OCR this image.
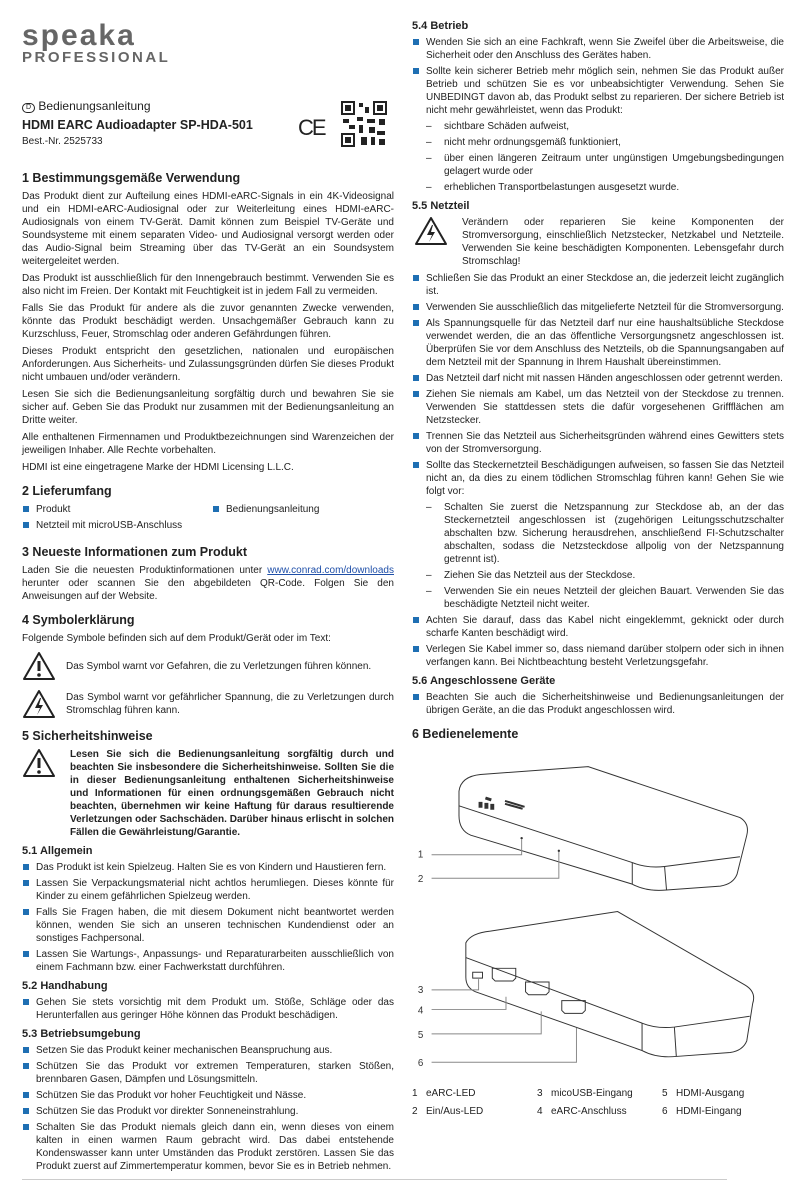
speaka
PROFESSIONAL
D Bedienungsanleitung
HDMI EARC Audioadapter SP-HDA-501
Best.-Nr. 2525733
CE
1 Bestimmungsgemäße Verwendung

Das Produkt dient zur Aufteilung eines HDMI-eARC-Signals in ein 4K-Videosignal und ein HDMI-eARC-Audiosignal oder zur Weiterleitung eines HDMI-eARC-Audiosignals von einem TV-Gerät. Damit können zum Beispiel TV-Geräte und Soundsysteme mit einem separaten Video- und Audiosignal versorgt werden oder das Audio-Signal beim Streaming über das TV-Gerät an ein Soundsystem weitergeleitet werden.

Das Produkt ist ausschließlich für den Innengebrauch bestimmt. Verwenden Sie es also nicht im Freien. Der Kontakt mit Feuchtigkeit ist in jedem Fall zu vermeiden.

Falls Sie das Produkt für andere als die zuvor genannten Zwecke verwenden, könnte das Produkt beschädigt werden. Unsachgemäßer Gebrauch kann zu Kurzschluss, Feuer, Stromschlag oder anderen Gefährdungen führen.

Dieses Produkt entspricht den gesetzlichen, nationalen und europäischen Anforderungen. Aus Sicherheits- und Zulassungsgründen dürfen Sie dieses Produkt nicht umbauen und/oder verändern.

Lesen Sie sich die Bedienungsanleitung sorgfältig durch und bewahren Sie sie sicher auf. Geben Sie das Produkt nur zusammen mit der Bedienungsanleitung an Dritte weiter.

Alle enthaltenen Firmennamen und Produktbezeichnungen sind Warenzeichen der jeweiligen Inhaber. Alle Rechte vorbehalten.

HDMI ist eine eingetragene Marke der HDMI Licensing L.L.C.

2 Lieferumfang
Produkt	Bedienungsanleitung
Netzteil mit microUSB-Anschluss
3 Neueste Informationen zum Produkt

Laden Sie die neuesten Produktinformationen unter www.conrad.com/downloads herunter oder scannen Sie den abgebildeten QR-Code. Folgen Sie den Anweisungen auf der Website.

4 Symbolerklärung

Folgende Symbole befinden sich auf dem Produkt/Gerät oder im Text:

Das Symbol warnt vor Gefahren, die zu Verletzungen führen können.
Das Symbol warnt vor gefährlicher Spannung, die zu Verletzungen durch Stromschlag führen kann.
5 Sicherheitshinweise
Lesen Sie sich die Bedienungsanleitung sorgfältig durch und beachten Sie insbesondere die Sicherheitshinweise. Sollten Sie die in dieser Bedienungsanleitung enthaltenen Sicherheitshinweise und Informationen für einen ordnungsgemäßen Gebrauch nicht beachten, übernehmen wir keine Haftung für daraus resultierende Verletzungen oder Sachschäden. Darüber hinaus erlischt in solchen Fällen die Gewährleistung/Garantie.
5.1 Allgemein
Das Produkt ist kein Spielzeug. Halten Sie es von Kindern und Haustieren fern.
Lassen Sie Verpackungsmaterial nicht achtlos herumliegen. Dieses könnte für Kinder zu einem gefährlichen Spielzeug werden.
Falls Sie Fragen haben, die mit diesem Dokument nicht beantwortet werden können, wenden Sie sich an unseren technischen Kundendienst oder an sonstiges Fachpersonal.
Lassen Sie Wartungs-, Anpassungs- und Reparaturarbeiten ausschließlich von einem Fachmann bzw. einer Fachwerkstatt durchführen.
5.2 Handhabung
Gehen Sie stets vorsichtig mit dem Produkt um. Stöße, Schläge oder das Herunterfallen aus geringer Höhe können das Produkt beschädigen.
5.3 Betriebsumgebung
Setzen Sie das Produkt keiner mechanischen Beanspruchung aus.
Schützen Sie das Produkt vor extremen Temperaturen, starken Stößen, brennbaren Gasen, Dämpfen und Lösungsmitteln.
Schützen Sie das Produkt vor hoher Feuchtigkeit und Nässe.
Schützen Sie das Produkt vor direkter Sonneneinstrahlung.
Schalten Sie das Produkt niemals gleich dann ein, wenn dieses von einem kalten in einen warmen Raum gebracht wird. Das dabei entstehende Kondenswasser kann unter Umständen das Produkt zerstören. Lassen Sie das Produkt zuerst auf Zimmertemperatur kommen, bevor Sie es in Betrieb nehmen.
5.4 Betrieb
Wenden Sie sich an eine Fachkraft, wenn Sie Zweifel über die Arbeitsweise, die Sicherheit oder den Anschluss des Gerätes haben.
Sollte kein sicherer Betrieb mehr möglich sein, nehmen Sie das Produkt außer Betrieb und schützen Sie es vor unbeabsichtigter Verwendung. Sehen Sie UNBEDINGT davon ab, das Produkt selbst zu reparieren. Der sichere Betrieb ist nicht mehr gewährleistet, wenn das Produkt:
– sichtbare Schäden aufweist,
– nicht mehr ordnungsgemäß funktioniert,
– über einen längeren Zeitraum unter ungünstigen Umgebungsbedingungen gelagert wurde oder
– erheblichen Transportbelastungen ausgesetzt wurde.
5.5 Netzteil
Verändern oder reparieren Sie keine Komponenten der Stromversorgung, einschließlich Netzstecker, Netzkabel und Netzteile. Verwenden Sie keine beschädigten Komponenten. Lebensgefahr durch Stromschlag!
Schließen Sie das Produkt an einer Steckdose an, die jederzeit leicht zugänglich ist.
Verwenden Sie ausschließlich das mitgelieferte Netzteil für die Stromversorgung.
Als Spannungsquelle für das Netzteil darf nur eine haushaltsübliche Steckdose verwendet werden, die an das öffentliche Versorgungsnetz angeschlossen ist. Überprüfen Sie vor dem Anschluss des Netzteils, ob die Spannungsangaben auf dem Netzteil mit der Spannung in Ihrem Haushalt übereinstimmen.
Das Netzteil darf nicht mit nassen Händen angeschlossen oder getrennt werden.
Ziehen Sie niemals am Kabel, um das Netzteil von der Steckdose zu trennen. Verwenden Sie stattdessen stets die dafür vorgesehenen Griffflächen am Netzstecker.
Trennen Sie das Netzteil aus Sicherheitsgründen während eines Gewitters stets von der Stromversorgung.
Sollte das Steckernetzteil Beschädigungen aufweisen, so fassen Sie das Netzteil nicht an, da dies zu einem tödlichen Stromschlag führen kann! Gehen Sie wie folgt vor:
– Schalten Sie zuerst die Netzspannung zur Steckdose ab, an der das Steckernetzteil angeschlossen ist (zugehörigen Leitungsschutzschalter abschalten bzw. Sicherung herausdrehen, anschließend FI-Schutzschalter abschalten, sodass die Netzsteckdose allpolig von der Netzspannung getrennt ist).
– Ziehen Sie das Netzteil aus der Steckdose.
– Verwenden Sie ein neues Netzteil der gleichen Bauart. Verwenden Sie das beschädigte Netzteil nicht weiter.
Achten Sie darauf, dass das Kabel nicht eingeklemmt, geknickt oder durch scharfe Kanten beschädigt wird.
Verlegen Sie Kabel immer so, dass niemand darüber stolpern oder sich in ihnen verfangen kann. Bei Nichtbeachtung besteht Verletzungsgefahr.
5.6 Angeschlossene Geräte
Beachten Sie auch die Sicherheitshinweise und Bedienungsanleitungen der übrigen Geräte, an die das Produkt angeschlossen wird.
6 Bedienelemente
1
2
3
4
5
6
1 eARC-LED	3 micoUSB-Eingang	5 HDMI-Ausgang
2 Ein/Aus-LED	4 eARC-Anschluss	6 HDMI-Eingang
